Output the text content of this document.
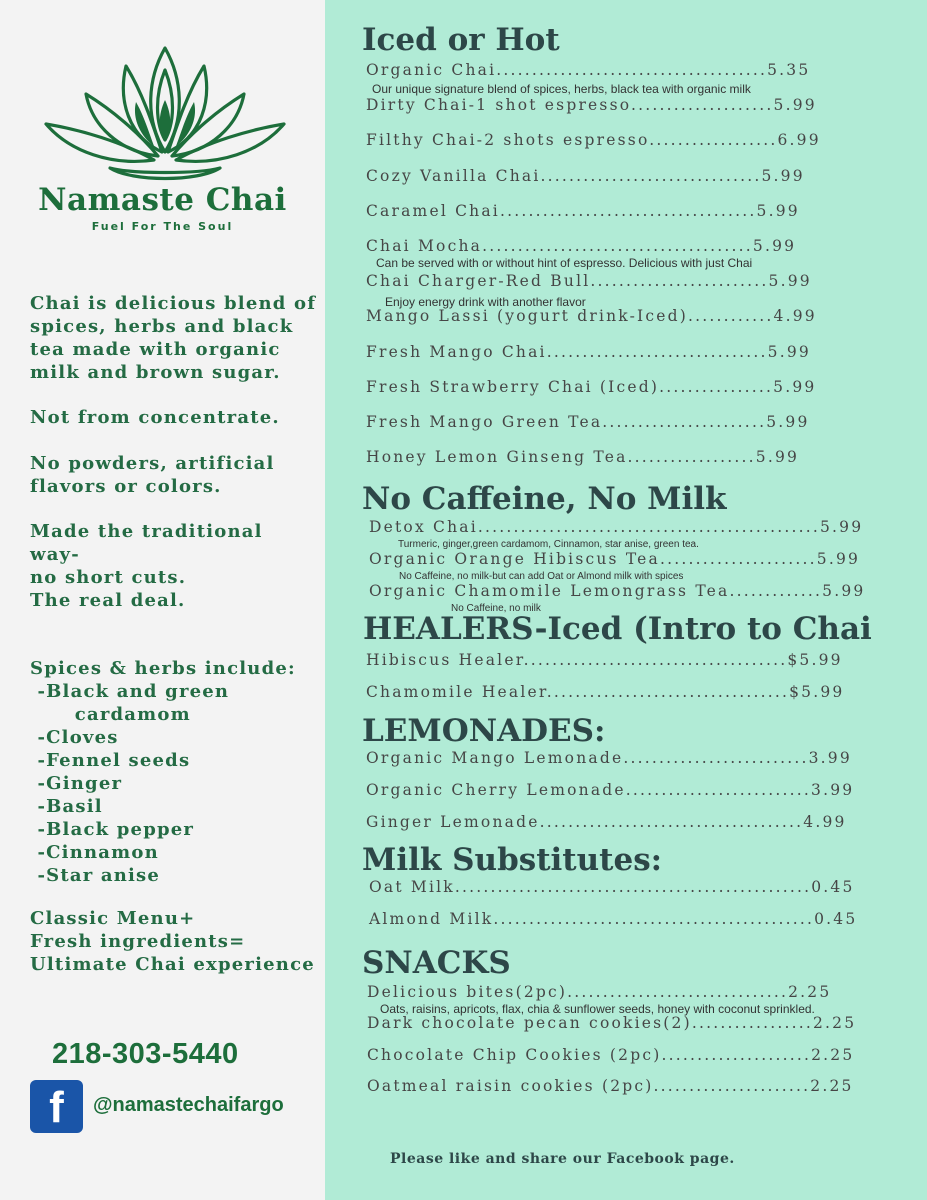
Namaste Chai
Fuel For The Soul

Chai is delicious blend of
spices, herbs and black
tea made with organic
milk and brown sugar.

Not from concentrate.

No powders, artificial
flavors or colors.

Made the traditional
way-
no short cuts.
The real deal.

Spices & herbs include:
-Black and green
cardamom
-Cloves
-Fennel seeds
-Ginger
-Basil
-Black pepper
-Cinnamon
-Star anise

Classic Menu+
Fresh ingredients=
Ultimate Chai experience

218-303-5440
f	@namastechaifargo
Iced or Hot
Organic Chai......................................5.35
Our unique signature blend of spices, herbs, black tea with organic milk
Dirty Chai-1 shot espresso....................5.99
Filthy Chai-2 shots espresso..................6.99
Cozy Vanilla Chai...............................5.99
Caramel Chai....................................5.99
Chai Mocha......................................5.99
Can be served with or without hint of espresso. Delicious with just Chai
Chai Charger-Red Bull.........................5.99
Enjoy energy drink with another flavor
Mango Lassi (yogurt drink-Iced)............4.99
Fresh Mango Chai...............................5.99
Fresh Strawberry Chai (Iced)................5.99
Fresh Mango Green Tea.......................5.99
Honey Lemon Ginseng Tea..................5.99
No Caffeine, No Milk
Detox Chai................................................5.99
Turmeric, ginger,green cardamom, Cinnamon, star anise, green tea.
Organic Orange Hibiscus Tea......................5.99
No Caffeine, no milk-but can add Oat or Almond milk with spices
Organic Chamomile Lemongrass Tea.............5.99
No Caffeine, no milk
HEALERS-Iced (Intro to Chai
Hibiscus Healer.....................................$5.99
Chamomile Healer..................................$5.99
LEMONADES:
Organic Mango Lemonade..........................3.99
Organic Cherry Lemonade..........................3.99
Ginger Lemonade.....................................4.99
Milk Substitutes:
Oat Milk..................................................0.45
Almond Milk.............................................0.45
SNACKS
Delicious bites(2pc)...............................2.25
Oats, raisins, apricots, flax, chia & sunflower seeds, honey with coconut sprinkled.
Dark chocolate pecan cookies(2).................2.25
Chocolate Chip Cookies (2pc).....................2.25
Oatmeal raisin cookies (2pc)......................2.25
Please like and share our Facebook page.
